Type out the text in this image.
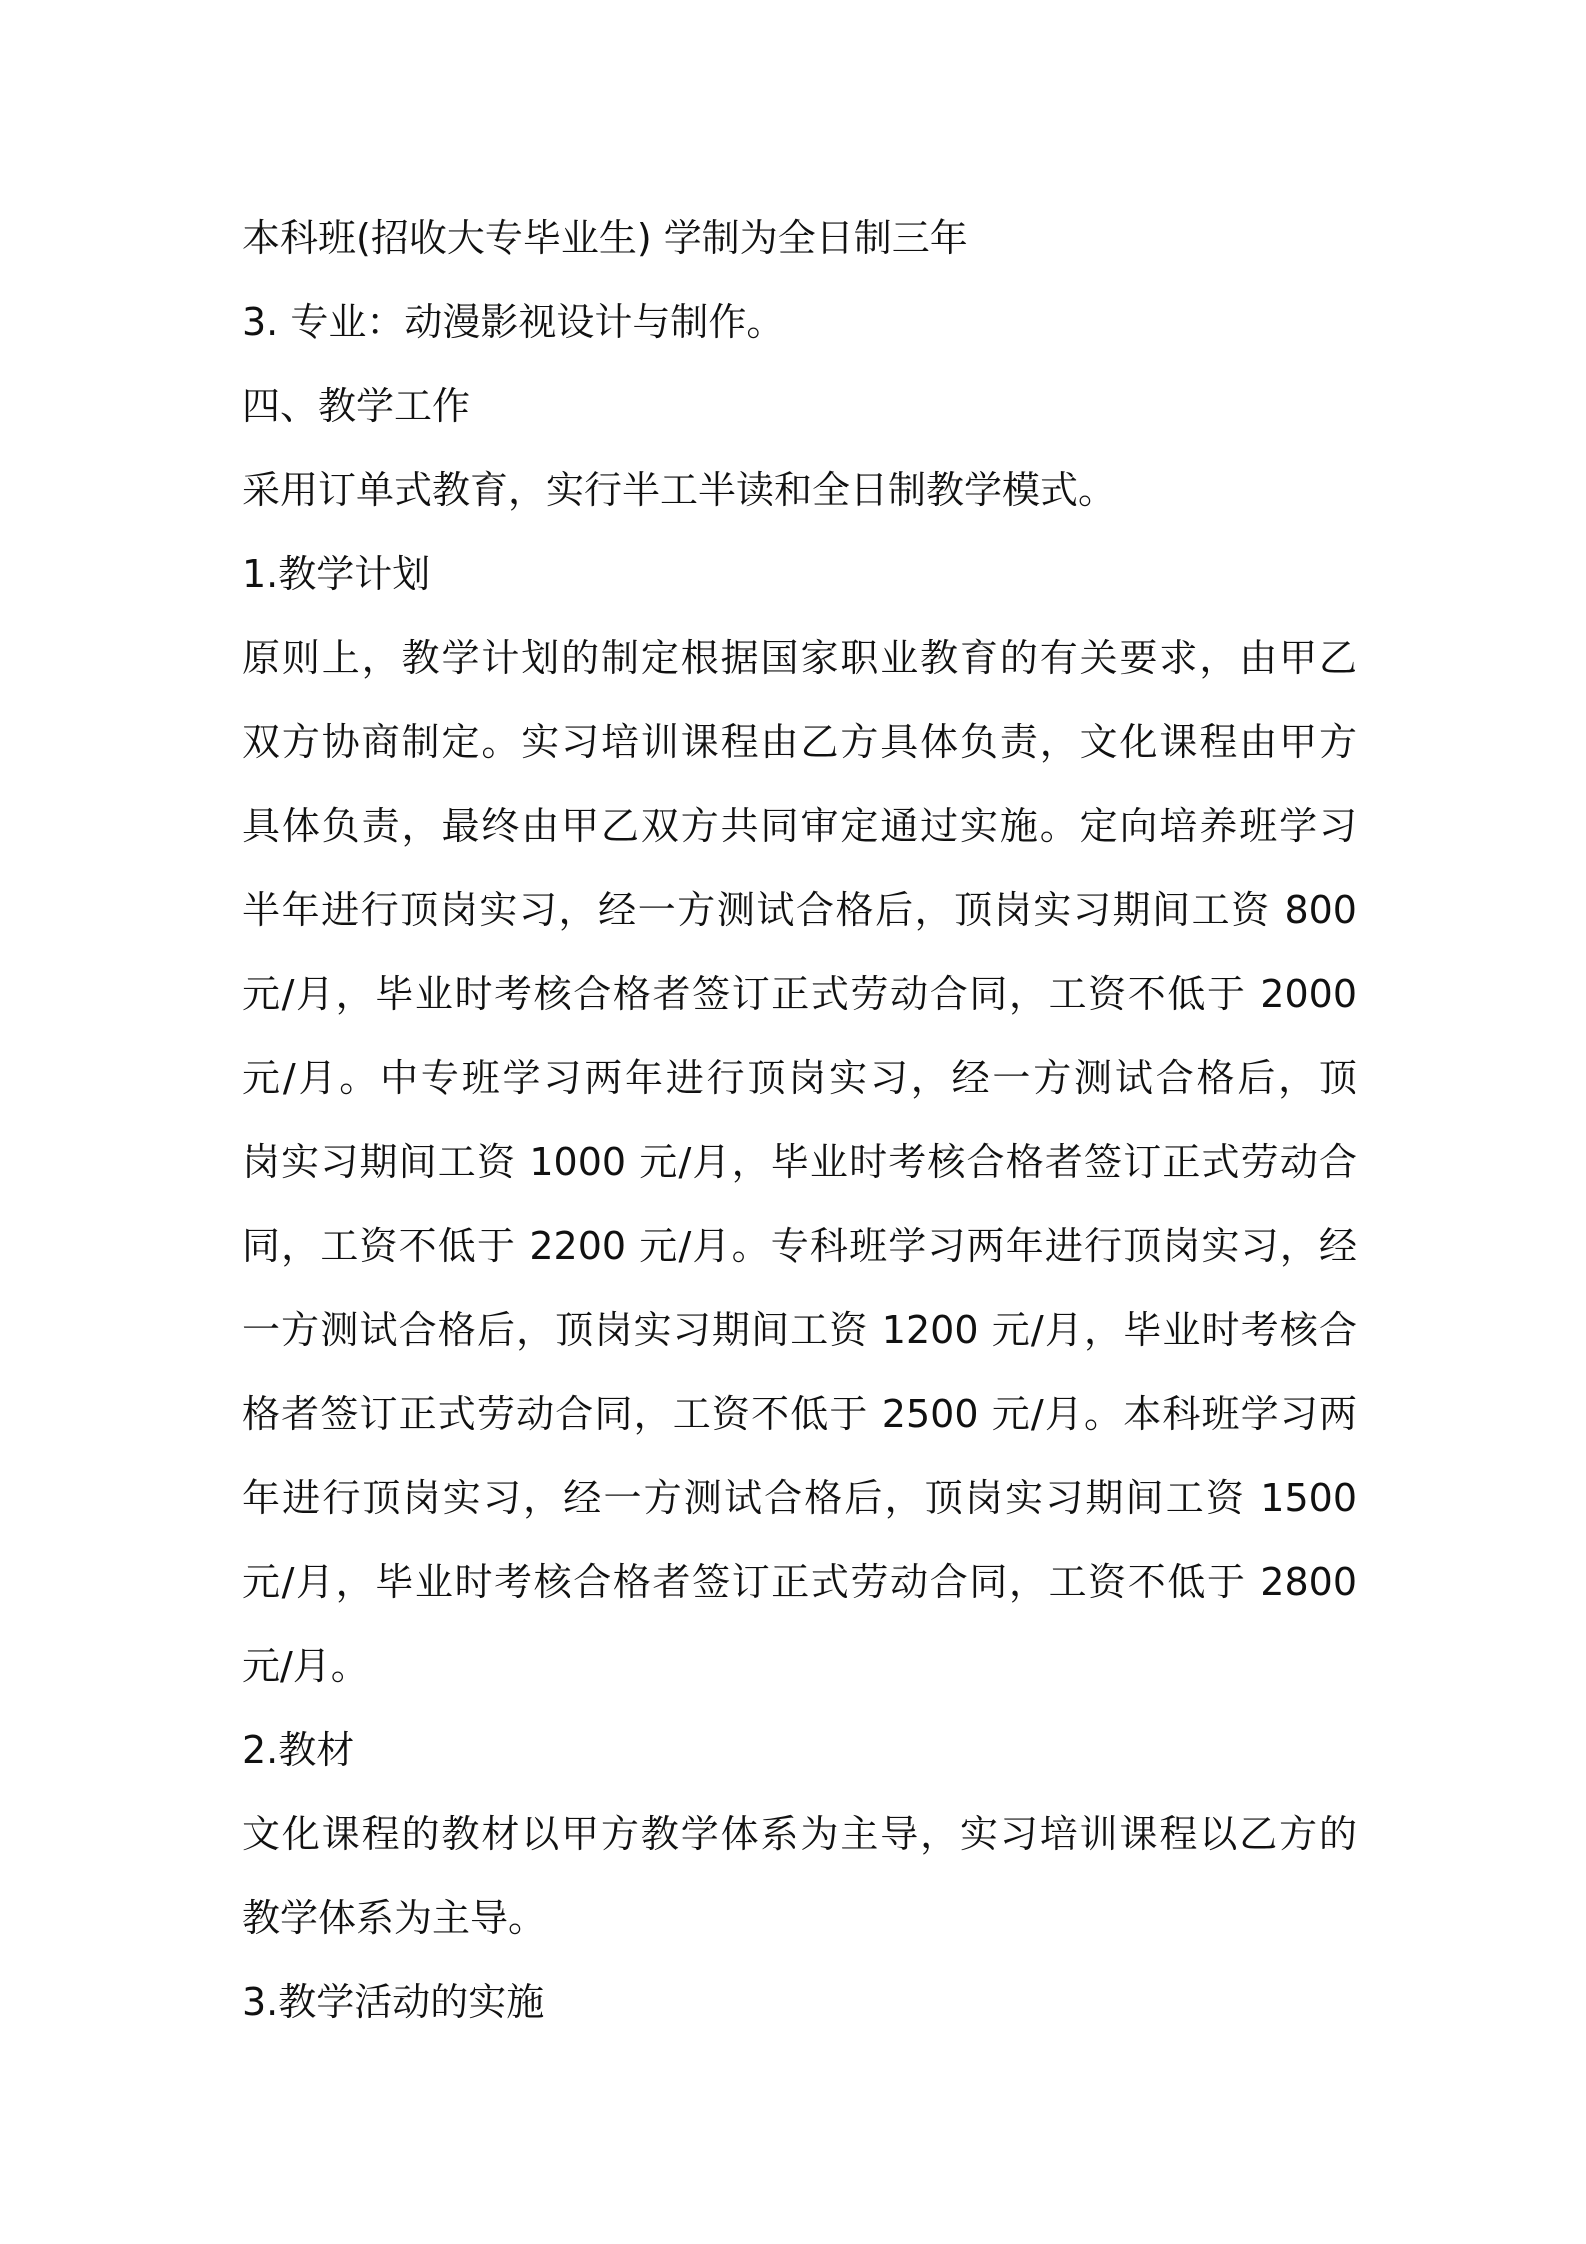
本科班(招收大专毕业生) 学制为全日制三年
3. 专业：动漫影视设计与制作。
四、教学工作
采用订单式教育，实行半工半读和全日制教学模式。
1.教学计划
原则上，教学计划的制定根据国家职业教育的有关要求，由甲乙
双方协商制定。实习培训课程由乙方具体负责，文化课程由甲方
具体负责，最终由甲乙双方共同审定通过实施。定向培养班学习
半年进行顶岗实习，经一方测试合格后，顶岗实习期间工资 800
元/月，毕业时考核合格者签订正式劳动合同，工资不低于 2000
元/月。中专班学习两年进行顶岗实习，经一方测试合格后，顶
岗实习期间工资 1000 元/月，毕业时考核合格者签订正式劳动合
同，工资不低于 2200 元/月。专科班学习两年进行顶岗实习，经
一方测试合格后，顶岗实习期间工资 1200 元/月，毕业时考核合
格者签订正式劳动合同，工资不低于 2500 元/月。本科班学习两
年进行顶岗实习，经一方测试合格后，顶岗实习期间工资 1500
元/月，毕业时考核合格者签订正式劳动合同，工资不低于 2800
元/月。
2.教材
文化课程的教材以甲方教学体系为主导，实习培训课程以乙方的
教学体系为主导。
3.教学活动的实施
